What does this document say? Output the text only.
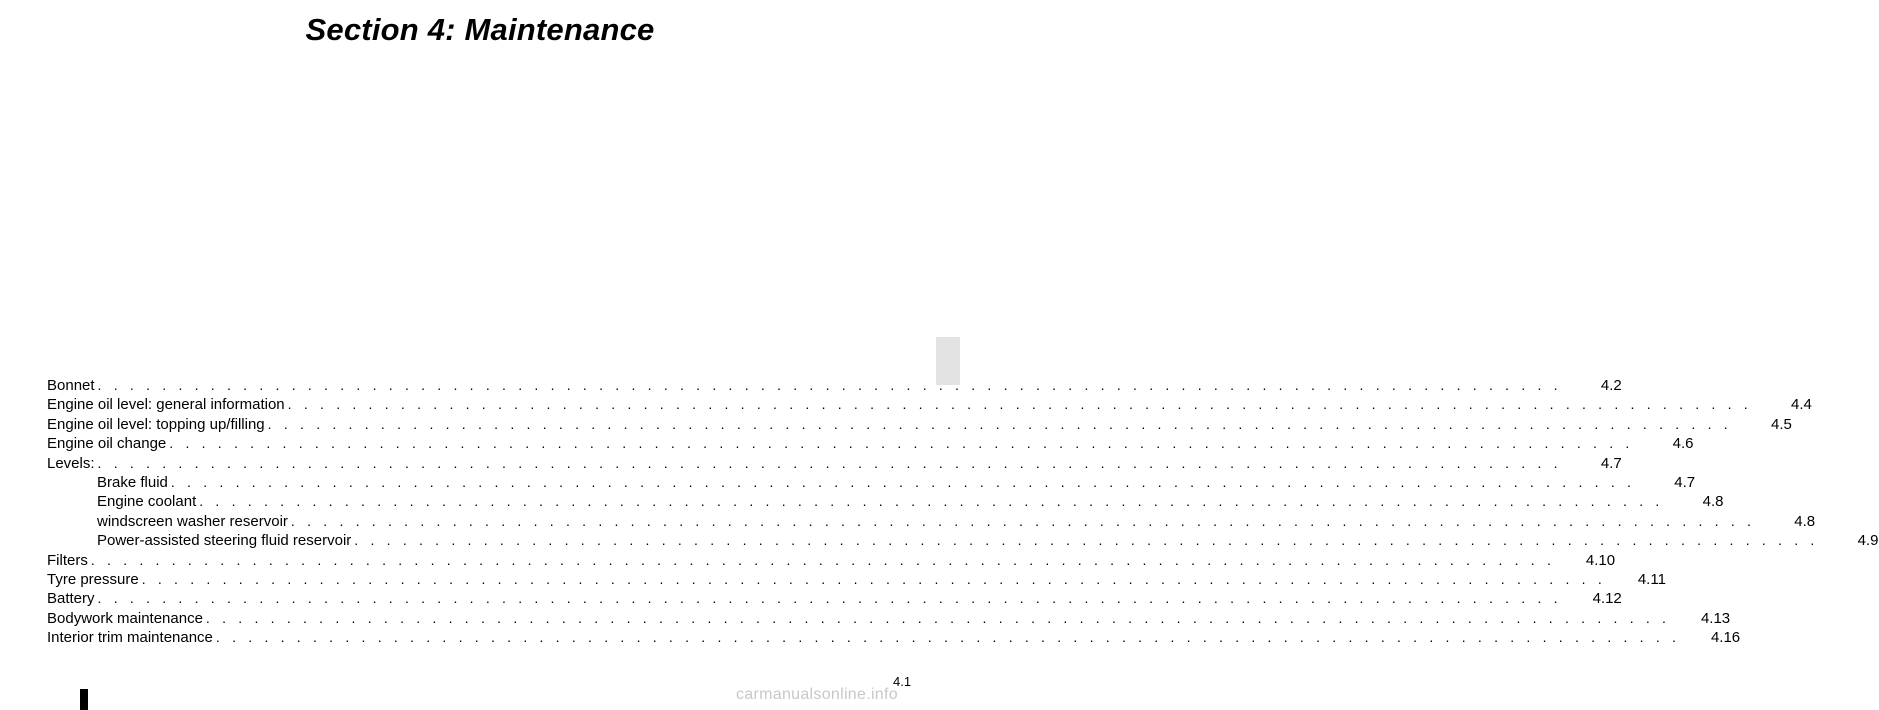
Section 4: Maintenance
Bonnet . . .	4.2
Engine oil level: general information . . .	4.4
Engine oil level: topping up/filling . . .	4.5
Engine oil change . . .	4.6
Levels: . . .	4.7
Brake fluid . . .	4.7
Engine coolant . . .	4.8
windscreen washer reservoir . . .	4.8
Power-assisted steering fluid reservoir . . .	4.9
Filters . . .	4.10
Tyre pressure . . .	4.11
Battery . . .	4.12
Bodywork maintenance . . .	4.13
Interior trim maintenance . . .	4.16
4.1
carmanualsonline.info
